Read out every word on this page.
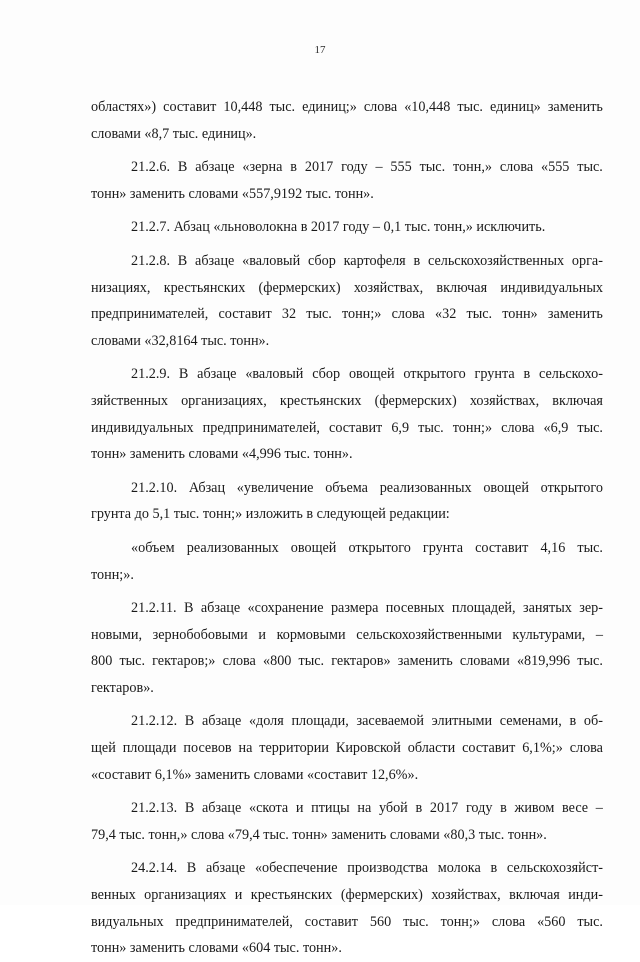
17
областях») составит 10,448 тыс. единиц;» слова «10,448 тыс. единиц» заменить
словами «8,7 тыс. единиц».
21.2.6. В абзаце «зерна в 2017 году – 555 тыс. тонн,» слова «555 тыс.
тонн» заменить словами «557,9192 тыс. тонн».
21.2.7. Абзац «льноволокна в 2017 году – 0,1 тыс. тонн,» исключить.
21.2.8. В абзаце «валовый сбор картофеля в сельскохозяйственных орга-
низациях, крестьянских (фермерских) хозяйствах, включая индивидуальных
предпринимателей, составит 32 тыс. тонн;» слова «32 тыс. тонн» заменить
словами «32,8164 тыс. тонн».
21.2.9. В абзаце «валовый сбор овощей открытого грунта в сельскохо-
зяйственных организациях, крестьянских (фермерских) хозяйствах, включая
индивидуальных предпринимателей, составит 6,9 тыс. тонн;» слова «6,9 тыс.
тонн» заменить словами «4,996 тыс. тонн».
21.2.10. Абзац «увеличение объема реализованных овощей открытого
грунта до 5,1 тыс. тонн;» изложить в следующей редакции:
«объем реализованных овощей открытого грунта составит 4,16 тыс.
тонн;».
21.2.11. В абзаце «сохранение размера посевных площадей, занятых зер-
новыми, зернобобовыми и кормовыми сельскохозяйственными культурами, –
800 тыс. гектаров;» слова «800 тыс. гектаров» заменить словами «819,996 тыс.
гектаров».
21.2.12. В абзаце «доля площади, засеваемой элитными семенами, в об-
щей площади посевов на территории Кировской области составит 6,1%;» слова
«составит 6,1%» заменить словами «составит 12,6%».
21.2.13. В абзаце «скота и птицы на убой в 2017 году в живом весе –
79,4 тыс. тонн,» слова «79,4 тыс. тонн» заменить словами «80,3 тыс. тонн».
24.2.14. В абзаце «обеспечение производства молока в сельскохозяйст-
венных организациях и крестьянских (фермерских) хозяйствах, включая инди-
видуальных предпринимателей, составит 560 тыс. тонн;» слова «560 тыс.
тонн» заменить словами «604 тыс. тонн».
